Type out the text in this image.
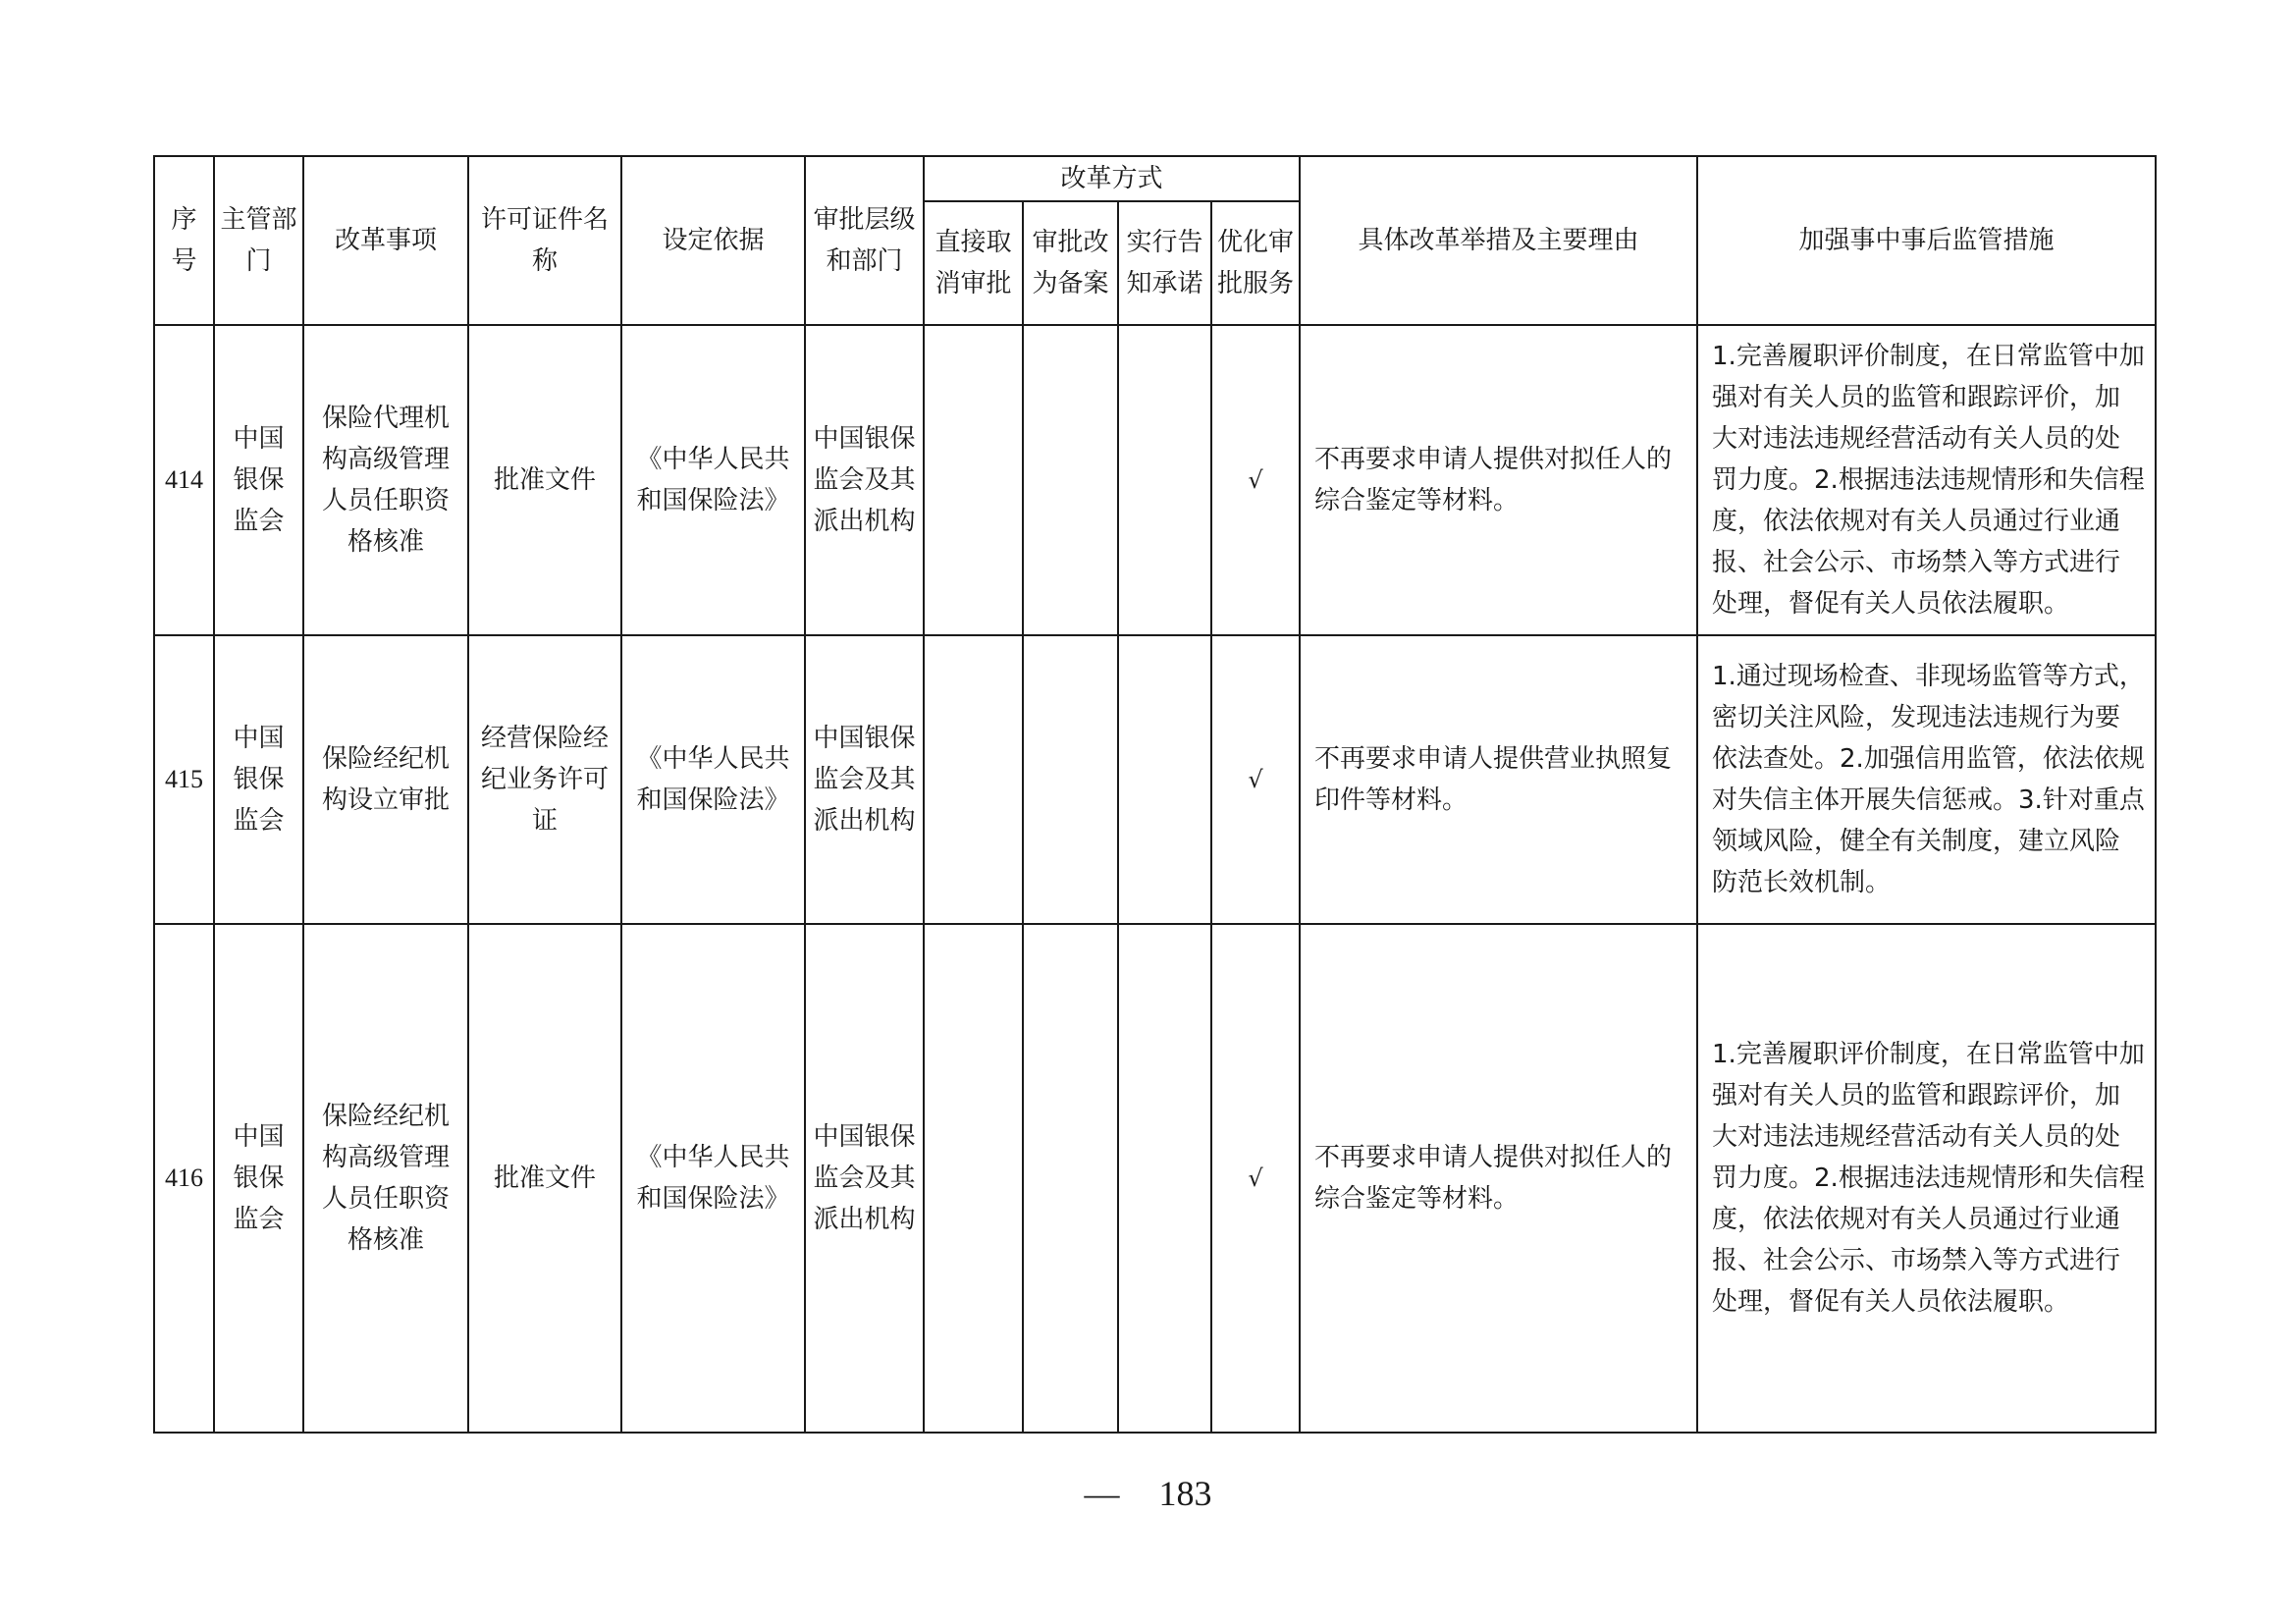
序号	主管部门	改革事项	许可证件名称	设定依据	审批层级和部门	改革方式				具体改革举措及主要理由	加强事中事后监管措施
						直接取消审批	审批改为备案	实行告知承诺	优化审批服务		
414	中国银保监会	保险代理机构高级管理人员任职资格核准	批准文件	《中华人民共和国保险法》	中国银保监会及其派出机构				√	不再要求申请人提供对拟任人的综合鉴定等材料。	1.完善履职评价制度，在日常监管中加强对有关人员的监管和跟踪评价，加大对违法违规经营活动有关人员的处罚力度。2.根据违法违规情形和失信程度，依法依规对有关人员通过行业通报、社会公示、市场禁入等方式进行处理，督促有关人员依法履职。
415	中国银保监会	保险经纪机构设立审批	经营保险经纪业务许可证	《中华人民共和国保险法》	中国银保监会及其派出机构				√	不再要求申请人提供营业执照复印件等材料。	1.通过现场检查、非现场监管等方式，密切关注风险，发现违法违规行为要依法查处。2.加强信用监管，依法依规对失信主体开展失信惩戒。3.针对重点领域风险，健全有关制度，建立风险防范长效机制。
416	中国银保监会	保险经纪机构高级管理人员任职资格核准	批准文件	《中华人民共和国保险法》	中国银保监会及其派出机构				√	不再要求申请人提供对拟任人的综合鉴定等材料。	1.完善履职评价制度，在日常监管中加强对有关人员的监管和跟踪评价，加大对违法违规经营活动有关人员的处罚力度。2.根据违法违规情形和失信程度，依法依规对有关人员通过行业通报、社会公示、市场禁入等方式进行处理，督促有关人员依法履职。
— 183
